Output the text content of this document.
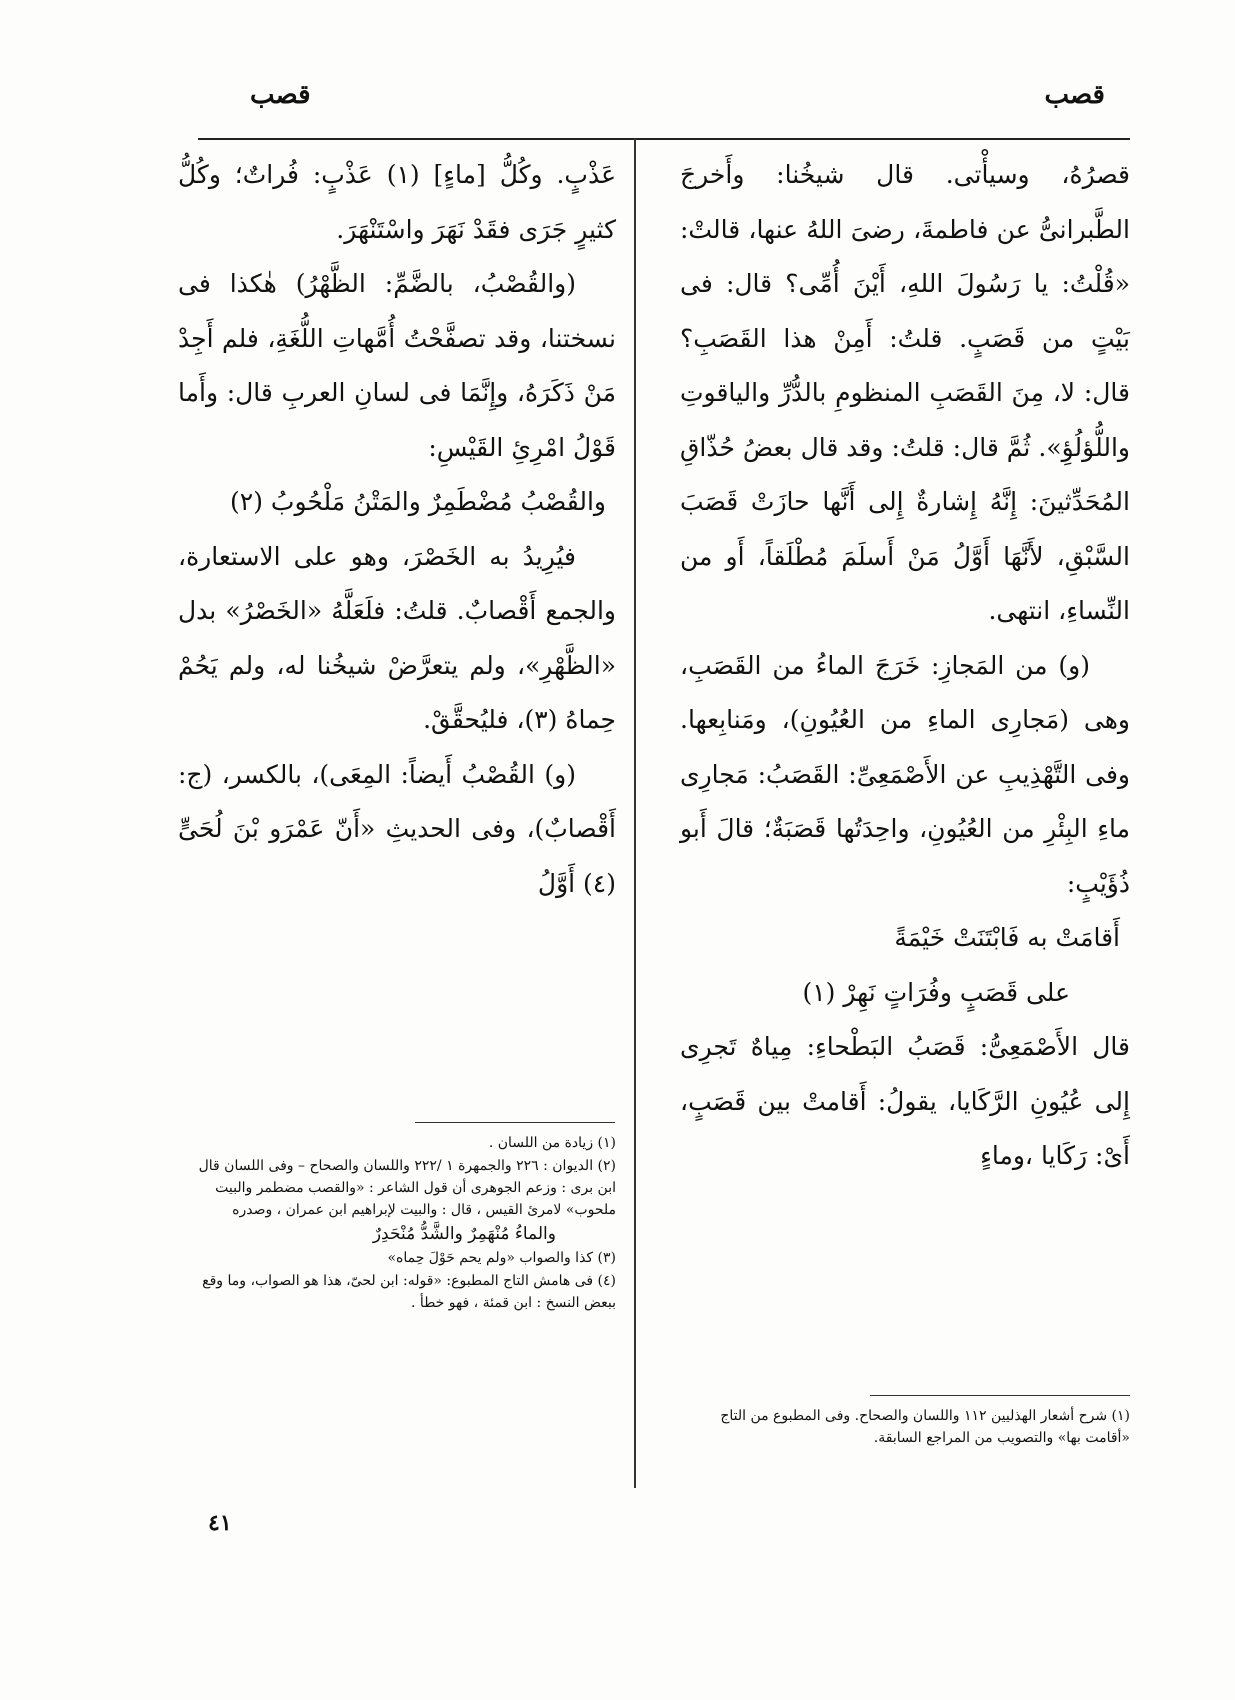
قصب
قصب

قصرُهُ، وسيأْتى. قال شيخُنا: وأَخرجَ الطَّبرانىُّ عن فاطمةَ، رضىَ اللهُ عنها، قالتْ: «قُلْتُ: يا رَسُولَ اللهِ، أَيْنَ أُمِّى؟ قال: فى بَيْتٍ من قَصَبٍ. قلتُ: أَمِنْ هذا القَصَبِ؟ قال: لا، مِنَ القَصَبِ المنظومِ بالدُّرِّ والياقوتِ واللُّؤلُؤِ». ثُمَّ قال: قلتُ: وقد قال بعضُ حُذّاقِ المُحَدِّثينَ: إِنَّهُ إِشارةٌ إِلى أَنَّها حازَتْ قَصَبَ السَّبْقِ، لأَنَّهَا أَوَّلُ مَنْ أَسلَمَ مُطْلَقاً، أَو من النِّساءِ، انتهى.

(و) من المَجازِ: خَرَجَ الماءُ من القَصَبِ، وهى (مَجارِى الماءِ من العُيُونِ)، ومَنابِعها. وفى التَّهْذِيبِ عن الأَصْمَعِىِّ: القَصَبُ: مَجارِى ماءِ البِئْرِ من العُيُونِ، واحِدَتُها قَصَبَةٌ؛ قالَ أَبو ذُؤَيْبٍ:

أَقامَتْ به فَابْتَنَتْ خَيْمَةً

على قَصَبٍ وفُرَاتٍ نَهِرْ (١)

قال الأَصْمَعِىُّ: قَصَبُ البَطْحاءِ: مِياهٌ تَجرِى إِلى عُيُونِ الرَّكَايا، يقولُ: أَقامتْ بين قَصَبٍ، أَىْ: رَكَايا ،وماءٍ

عَذْبٍ. وكُلُّ [ماءٍ] (١) عَذْبٍ: فُراتٌ؛ وكُلُّ كثيرٍ جَرَى فقَدْ نَهَرَ واسْتَنْهَرَ.

(والقُصْبُ، بالضَّمِّ: الظَّهْرُ) هٰكذا فى نسختنا، وقد تصفَّحْتُ أُمَّهاتِ اللُّغَةِ، فلم أَجِدْ مَنْ ذَكَرَهُ، وإِنَّمَا فى لسانِ العربِ قال: وأَما قَوْلُ امْرِئِ القَيْسِ:

والقُصْبُ مُضْطَمِرٌ والمَتْنُ مَلْحُوبُ (٢)

فيُرِيدُ به الخَصْرَ، وهو على الاستعارة، والجمع أَقْصابٌ. قلتُ: فلَعَلَّهُ «الخَصْرُ» بدل «الظَّهْرِ»، ولم يتعرَّضْ شيخُنا له، ولم يَحُمْ حِماهُ (٣)، فليُحقَّقْ.

(و) القُصْبُ أَيضاً: المِعَى)، بالكسر، (ج: أَقْصابٌ)، وفى الحديثِ «أَنّ عَمْرَو بْنَ لُحَىٍّ (٤) أَوَّلُ

(١) شرح أشعار الهذليين ١١٢ واللسان والصحاح. وفى المطبوع من التاج «أقامت بها» والتصويب من المراجع السابقة.
(١) زيادة من اللسان .
(٢) الديوان : ٢٢٦ والجمهرة ١ /٢٢٢ واللسان والصحاح – وفى اللسان قال ابن برى : وزعم الجوهرى أن قول الشاعر : «والقصب مضطمر والبيت ملحوب» لامرئ القيس ، قال : والبيت لإبراهيم ابن عمران ، وصدره
والماءُ مُنْهَمِرٌ والشَّدُّ مُنْحَدِرٌ
(٣) كذا والصواب «ولم يحم حَوْلَ حِماه»
(٤) فى هامش التاج المطبوع: «قوله: ابن لحىّ، هذا هو الصواب، وما وقع ببعض النسخ : ابن قمئة ، فهو خطأ .
٤١
